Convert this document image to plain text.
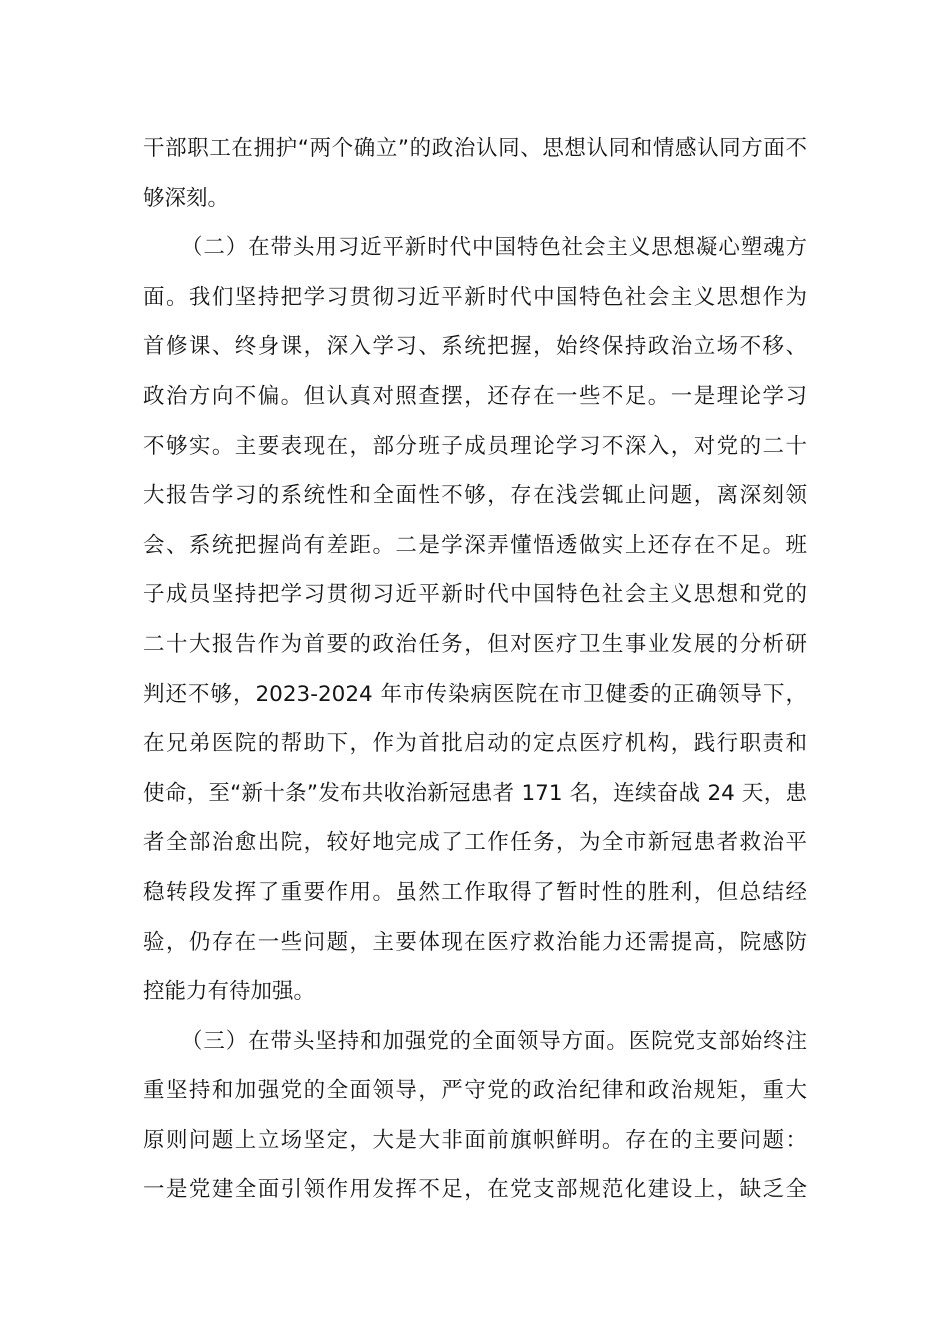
干部职工在拥护“两个确立”的政治认同、思想认同和情感认同方面不
够深刻。
（二）在带头用习近平新时代中国特色社会主义思想凝心塑魂方
面。我们坚持把学习贯彻习近平新时代中国特色社会主义思想作为
首修课、终身课，深入学习、系统把握，始终保持政治立场不移、
政治方向不偏。但认真对照查摆，还存在一些不足。一是理论学习
不够实。主要表现在，部分班子成员理论学习不深入，对党的二十
大报告学习的系统性和全面性不够，存在浅尝辄止问题，离深刻领
会、系统把握尚有差距。二是学深弄懂悟透做实上还存在不足。班
子成员坚持把学习贯彻习近平新时代中国特色社会主义思想和党的
二十大报告作为首要的政治任务，但对医疗卫生事业发展的分析研
判还不够，2023-2024 年市传染病医院在市卫健委的正确领导下，
在兄弟医院的帮助下，作为首批启动的定点医疗机构，践行职责和
使命，至“新十条”发布共收治新冠患者 171 名，连续奋战 24 天，患
者全部治愈出院，较好地完成了工作任务，为全市新冠患者救治平
稳转段发挥了重要作用。虽然工作取得了暂时性的胜利，但总结经
验，仍存在一些问题，主要体现在医疗救治能力还需提高，院感防
控能力有待加强。
（三）在带头坚持和加强党的全面领导方面。医院党支部始终注
重坚持和加强党的全面领导，严守党的政治纪律和政治规矩，重大
原则问题上立场坚定，大是大非面前旗帜鲜明。存在的主要问题：
一是党建全面引领作用发挥不足，在党支部规范化建设上，缺乏全
